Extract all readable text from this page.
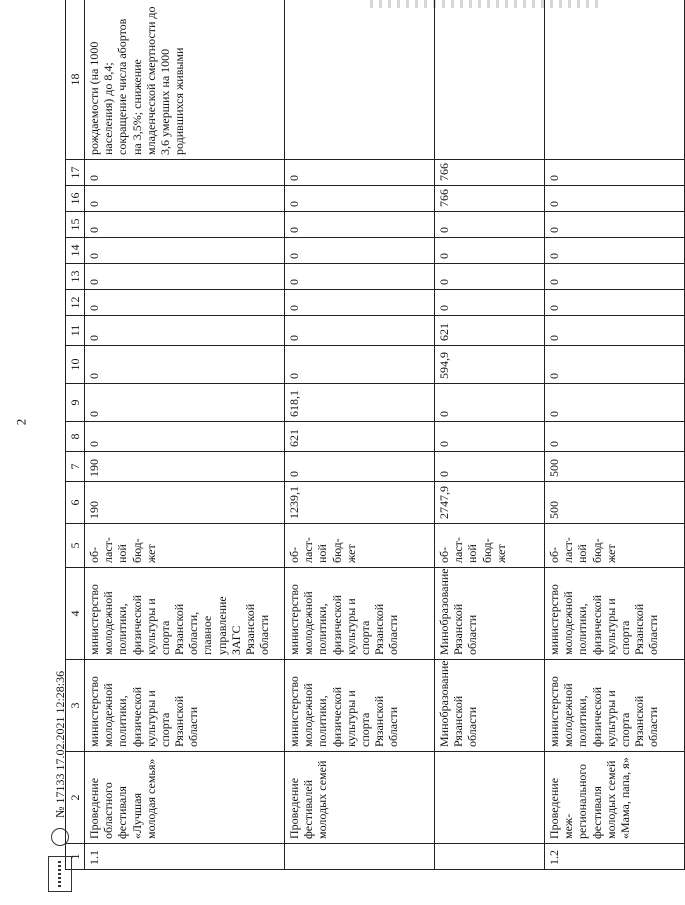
2
1	2	3	4	5	6	7	8	9	10	11	12	13	14	15	16	17	18
1.1	Проведение областного фестиваля «Лучшая молодая семья»	министерство молодежной политики, физической культуры и спорта Рязанской области	министерство молодежной политики, физической культуры и спорта Рязанской области, главное управление ЗАГС Рязанской области	об-ласт-ной бюд-жет	190	190	0	0	0	0	0	0	0	0	0	0	рождаемости (на 1000 населения) до 8,4; сокращение числа абортов на 3,5%; снижение младенческой смертности до 3,6 умерших на 1000 родившихся живыми
	Проведение фестивалей молодых семей	министерство молодежной политики, физической культуры и спорта Рязанской области	министерство молодежной политики, физической культуры и спорта Рязанской области	об-ласт-ной бюд-жет	1239,1	0	621	618,1	0	0	0	0	0	0	0	0	
		Минобразование Рязанской области	Минобразование Рязанской области	об-ласт-ной бюд-жет	2747,9	0	0	0	594,9	621	0	0	0	0	766	766	
1.2	Проведение меж-регионального фестиваля молодых семей «Мама, папа, я»	министерство молодежной политики, физической культуры и спорта Рязанской области	министерство молодежной политики, физической культуры и спорта Рязанской области	об-ласт-ной бюд-жет	500	500	0	0	0	0	0	0	0	0	0	0	
№ 17133 17.02.2021 12:28:36
